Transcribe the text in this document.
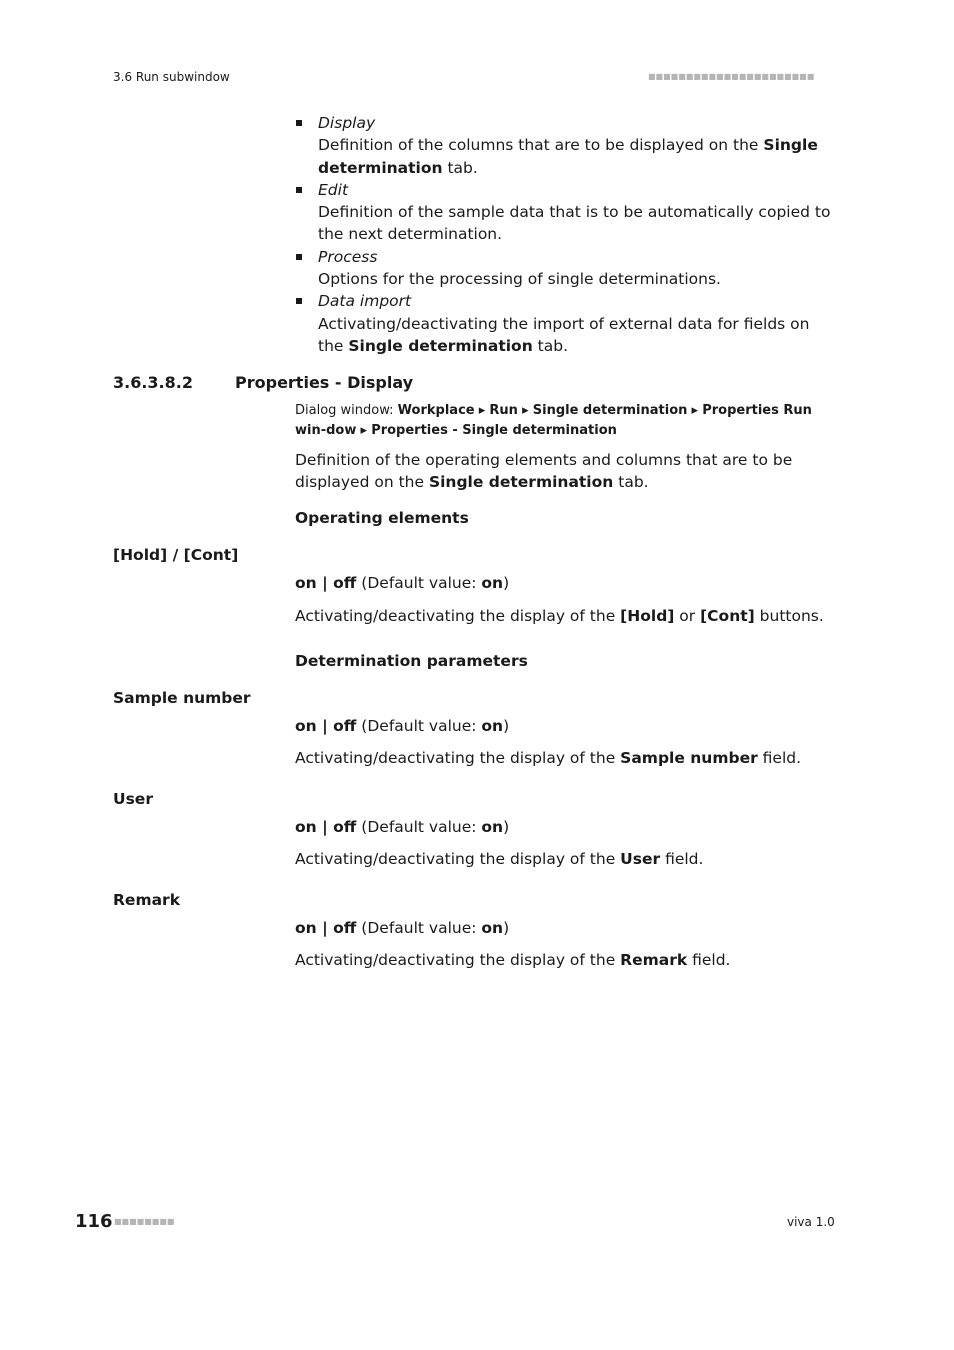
3.6 Run subwindow	■■■■■■■■■■■■■■■■■■■■■■
Display
Definition of the columns that are to be displayed on the Single determination tab.
Edit
Definition of the sample data that is to be automatically copied to the next determination.
Process
Options for the processing of single determinations.
Data import
Activating/deactivating the import of external data for fields on the Single determination tab.
3.6.3.8.2	Properties - Display
Dialog window: Workplace ▸ Run ▸ Single determination ▸ Properties Run win-dow ▸ Properties - Single determination
Definition of the operating elements and columns that are to be displayed on the Single determination tab.
Operating elements
[Hold] / [Cont]
on | off (Default value: on)
Activating/deactivating the display of the [Hold] or [Cont] buttons.
Determination parameters
Sample number
on | off (Default value: on)
Activating/deactivating the display of the Sample number field.
User
on | off (Default value: on)
Activating/deactivating the display of the User field.
Remark
on | off (Default value: on)
Activating/deactivating the display of the Remark field.
116 ■■■■■■■■	viva 1.0
